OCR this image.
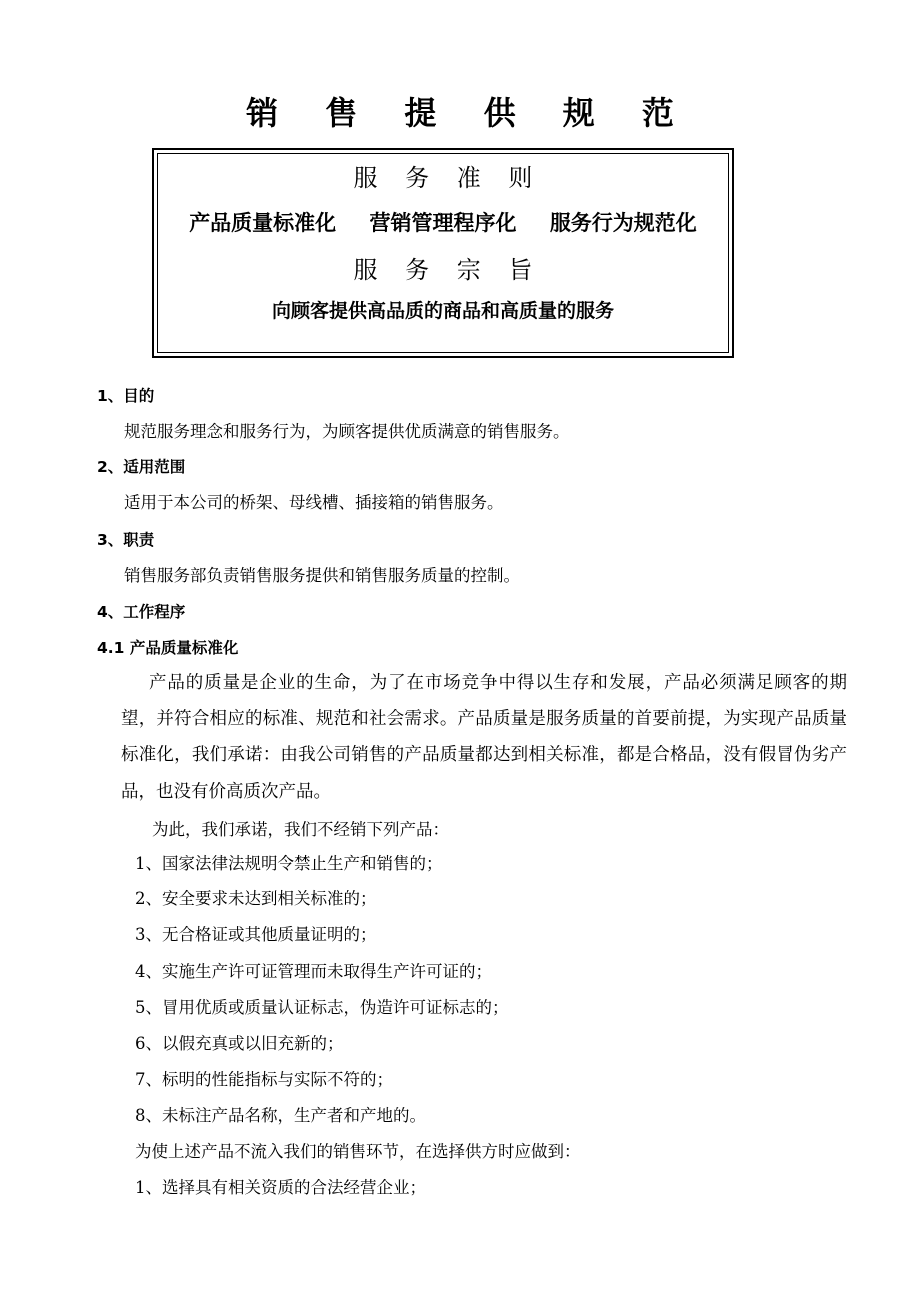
销 售 提 供 规 范
服 务 准 则
产品质量标准化 营销管理程序化 服务行为规范化
服 务 宗 旨
向顾客提供高品质的商品和高质量的服务
1、目的
规范服务理念和服务行为，为顾客提供优质满意的销售服务。
2、适用范围
适用于本公司的桥架、母线槽、插接箱的销售服务。
3、职责
销售服务部负责销售服务提供和销售服务质量的控制。
4、工作程序
4.1 产品质量标准化
产品的质量是企业的生命，为了在市场竞争中得以生存和发展，产品必须满足顾客的期望，并符合相应的标准、规范和社会需求。产品质量是服务质量的首要前提，为实现产品质量标准化，我们承诺：由我公司销售的产品质量都达到相关标准，都是合格品，没有假冒伪劣产品，也没有价高质次产品。
为此，我们承诺，我们不经销下列产品：
1、国家法律法规明令禁止生产和销售的；
2、安全要求未达到相关标准的；
3、无合格证或其他质量证明的；
4、实施生产许可证管理而未取得生产许可证的；
5、冒用优质或质量认证标志，伪造许可证标志的；
6、以假充真或以旧充新的；
7、标明的性能指标与实际不符的；
8、未标注产品名称，生产者和产地的。
为使上述产品不流入我们的销售环节，在选择供方时应做到：
1、选择具有相关资质的合法经营企业；
